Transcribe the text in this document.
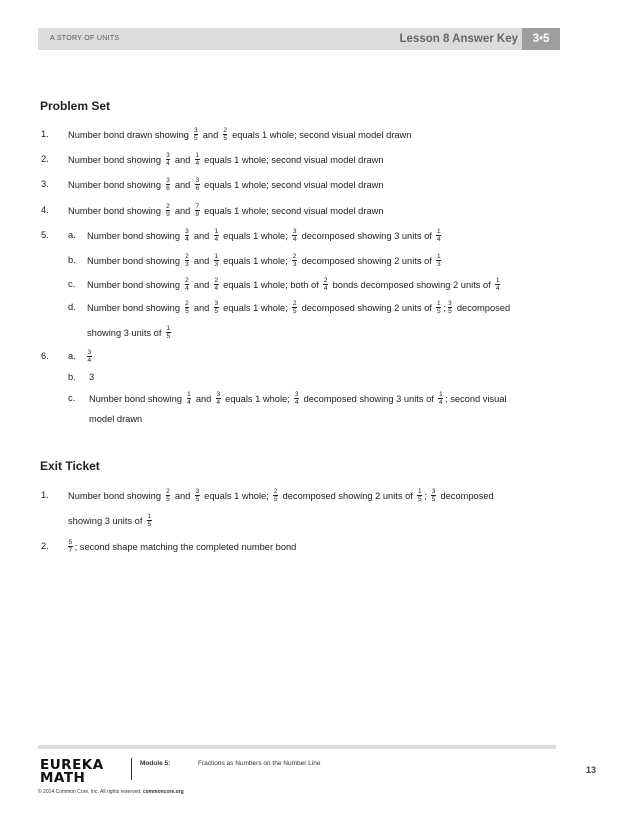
A STORY OF UNITS	Lesson 8 Answer Key	3•5
Problem Set
1. Number bond drawn showing $\frac{3}{5}$ and $\frac{2}{5}$ equals 1 whole; second visual model drawn
2. Number bond showing $\frac{3}{4}$ and $\frac{1}{4}$ equals 1 whole; second visual model drawn
3. Number bond showing $\frac{3}{6}$ and $\frac{3}{6}$ equals 1 whole; second visual model drawn
4. Number bond showing $\frac{2}{9}$ and $\frac{7}{9}$ equals 1 whole; second visual model drawn
5. a. Number bond showing $\frac{3}{4}$ and $\frac{1}{4}$ equals 1 whole; $\frac{3}{4}$ decomposed showing 3 units of $\frac{1}{4}$
b. Number bond showing $\frac{2}{3}$ and $\frac{1}{3}$ equals 1 whole; $\frac{2}{3}$ decomposed showing 2 units of $\frac{1}{3}$
c. Number bond showing $\frac{2}{4}$ and $\frac{2}{4}$ equals 1 whole; both of $\frac{2}{4}$ bonds decomposed showing 2 units of $\frac{1}{4}$
d. Number bond showing $\frac{2}{5}$ and $\frac{3}{5}$ equals 1 whole; $\frac{2}{5}$ decomposed showing 2 units of $\frac{1}{5}$ ; $\frac{3}{5}$ decomposed
showing 3 units of $\frac{1}{5}$
6. a. $\frac{3}{4}$
b. 3
c. Number bond showing $\frac{1}{4}$ and $\frac{3}{4}$ equals 1 whole; $\frac{3}{4}$ decomposed showing 3 units of $\frac{1}{4}$ ; second visual
model drawn
Exit Ticket
1. Number bond showing $\frac{2}{5}$ and $\frac{3}{5}$ equals 1 whole; $\frac{2}{5}$ decomposed showing 2 units of $\frac{1}{5}$ ; $\frac{3}{5}$ decomposed
showing 3 units of $\frac{1}{5}$
2.	$\frac{5}{7}$ ; second shape matching the completed number bond
EUREKA
MATH
Module 5:	Fractions as Numbers on the Number Line
13
© 2014 Common Core, Inc. All rights reserved. commoncore.org
